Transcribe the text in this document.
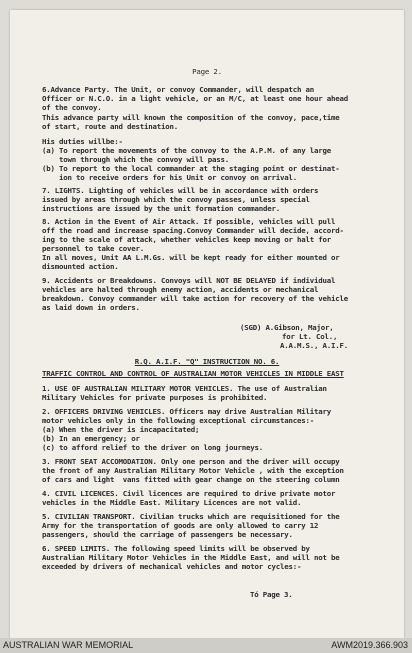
Page 2.
6.Advance Party. The Unit, or convoy Commander, will despatch an
Officer or N.C.O. in a light vehicle, or an M/C, at least one hour ahead
of the convoy.
This advance party will known the composition of the convoy, pace,time
of start, route and destination.
His duties willbe:-
(a) To report the movements of the convoy to the A.P.M. of any large
town through which the convoy will pass.
(b) To report to the local commander at the staging point or destinat-
ion to receive orders for his Unit or convoy on arrival.
7. LIGHTS. Lighting of vehicles will be in accordance with orders
issued by areas through which the convoy passes, unless special
instructions are issued by the unit formation commander.
8. Action in the Event of Air Attack. If possible, vehicles will pull
off the road and increase spacing.Convoy Commander will decide, accord-
ing to the scale of attack, whether vehicles keep moving or halt for
personnel to take cover.
In all moves, Unit AA L.M.Gs. will be kept ready for either mounted or
dismounted action.
9. Accidents or Breakdowns. Convoys will NOT BE DELAYED if individual
vehicles are halted through enemy action, accidents or mechanical
breakdown. Convoy commander will take action for recovery of the vehicle
as laid down in orders.
(SGD) A.Gibson, Major,
for Lt. Col.,
A.A.M.S., A.I.F.
R.Q. A.I.F. "Q" INSTRUCTION NO. 6.
TRAFFIC CONTROL AND CONTROL OF AUSTRALIAN MOTOR VEHICLES IN MIDDLE EAST
1. USE OF AUSTRALIAN MILITARY MOTOR VEHICLES. The use of Australian
Military Vehicles for private purposes is prohibited.
2. OFFICERS DRIVING VEHICLES. Officers may drive Australian Military
motor vehicles only in the following exceptional circumstances:-
(a) When the driver is incapacitated;
(b) In an emergency; or
(c) to afford relief to the driver on long journeys.
3. FRONT SEAT ACCOMODATION. Only one person and the driver will occupy
the front of any Australian Military Motor Vehicle , with the exception
of cars and light  vans fitted with gear change on the steering column
4. CIVIL LICENCES. Civil licences are required to drive private motor
vehicles in the Middle East. Military Licences are not valid.
5. CIVILIAN TRANSPORT. Civilian trucks which are requisitioned for the
Army for the transportation of goods are only allowed to carry 12
passengers, should the carriage of passengers be necessary.
6. SPEED LIMITS. The following speed limits will be observed by
Australian Military Motor Vehicles in the Middle East, and will not be
exceeded by drivers of mechanical vehicles and motor cycles:-
Tó Page 3.
AUSTRALIAN WAR MEMORIAL	AWM2019.366.903
